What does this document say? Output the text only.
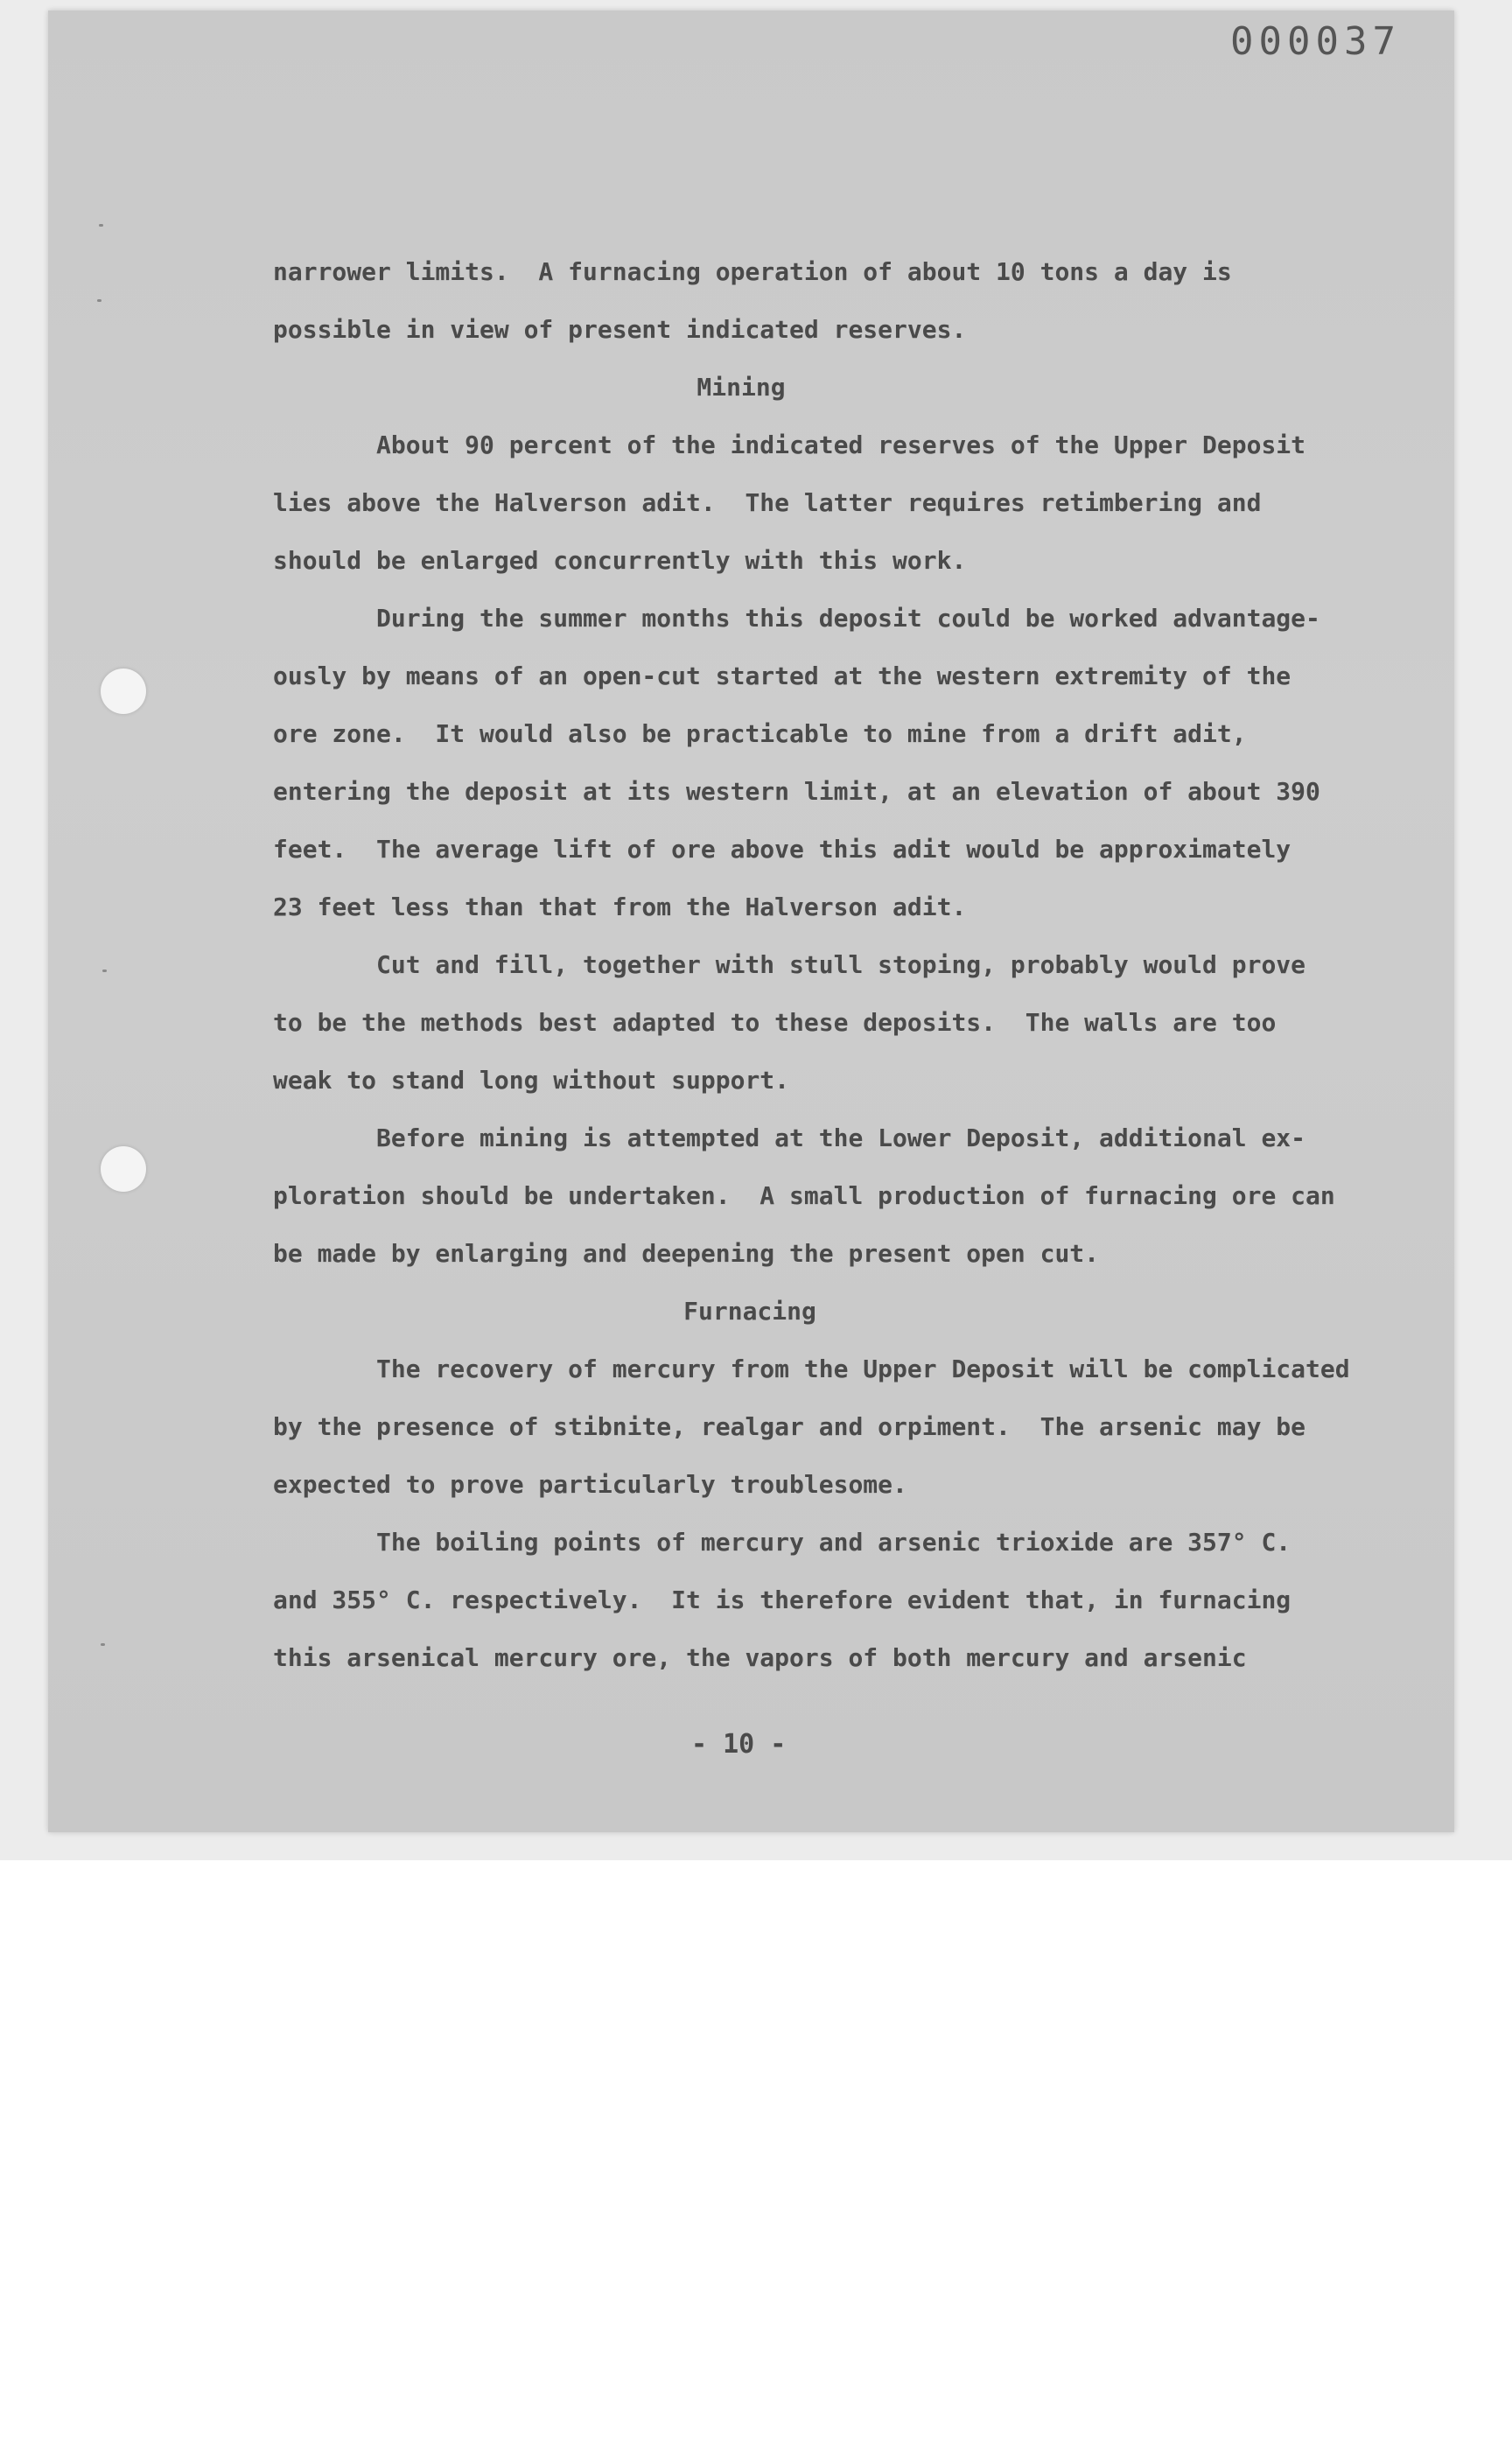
000037

narrower limits.  A furnacing operation of about 10 tons a day is

possible in view of present indicated reserves.

Mining

About 90 percent of the indicated reserves of the Upper Deposit

lies above the Halverson adit.  The latter requires retimbering and

should be enlarged concurrently with this work.

During the summer months this deposit could be worked advantage-

ously by means of an open-cut started at the western extremity of the

ore zone.  It would also be practicable to mine from a drift adit,

entering the deposit at its western limit, at an elevation of about 390

feet.  The average lift of ore above this adit would be approximately

23 feet less than that from the Halverson adit.

Cut and fill, together with stull stoping, probably would prove

to be the methods best adapted to these deposits.  The walls are too

weak to stand long without support.

Before mining is attempted at the Lower Deposit, additional ex-

ploration should be undertaken.  A small production of furnacing ore can

be made by enlarging and deepening the present open cut.

Furnacing

The recovery of mercury from the Upper Deposit will be complicated

by the presence of stibnite, realgar and orpiment.  The arsenic may be

expected to prove particularly troublesome.

The boiling points of mercury and arsenic trioxide are 357° C.

and 355° C. respectively.  It is therefore evident that, in furnacing

this arsenical mercury ore, the vapors of both mercury and arsenic

- 10 -
